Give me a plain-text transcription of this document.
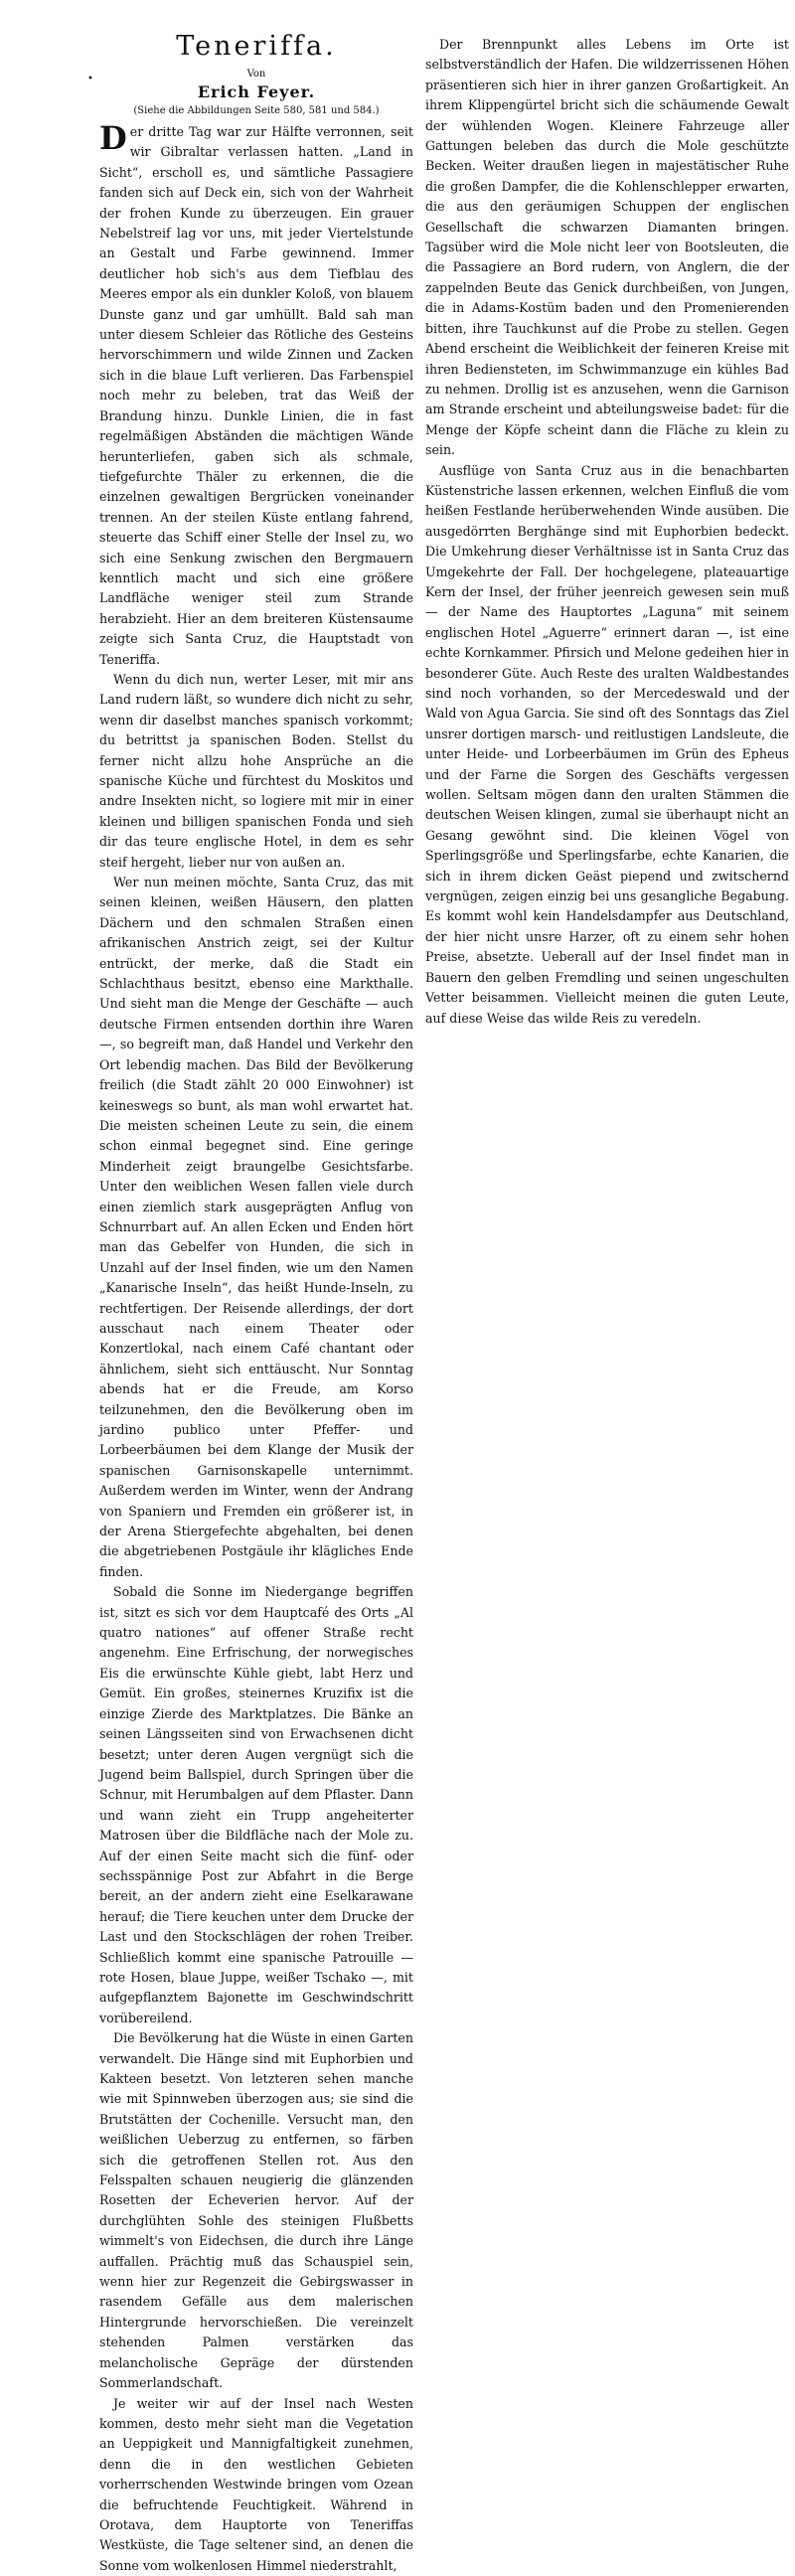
•
Teneriffa.
Von
Erich Feyer.
(Siehe die Abbildungen Seite 580, 581 und 584.)

Der dritte Tag war zur Hälfte verronnen, seit wir Gibraltar verlassen hatten. „Land in Sicht“, erscholl es, und sämtliche Passagiere fanden sich auf Deck ein, sich von der Wahrheit der frohen Kunde zu überzeugen. Ein grauer Nebelstreif lag vor uns, mit jeder Viertelstunde an Gestalt und Farbe gewinnend. Immer deutlicher hob sich's aus dem Tiefblau des Meeres empor als ein dunkler Koloß, von blauem Dunste ganz und gar umhüllt. Bald sah man unter diesem Schleier das Rötliche des Gesteins hervorschimmern und wilde Zinnen und Zacken sich in die blaue Luft verlieren. Das Farbenspiel noch mehr zu beleben, trat das Weiß der Brandung hinzu. Dunkle Linien, die in fast regelmäßigen Abständen die mächtigen Wände herunterliefen, gaben sich als schmale, tiefgefurchte Thäler zu erkennen, die die einzelnen gewaltigen Bergrücken voneinander trennen. An der steilen Küste entlang fahrend, steuerte das Schiff einer Stelle der Insel zu, wo sich eine Senkung zwischen den Bergmauern kenntlich macht und sich eine größere Landfläche weniger steil zum Strande herabzieht. Hier an dem breiteren Küstensaume zeigte sich Santa Cruz, die Hauptstadt von Teneriffa.

Wenn du dich nun, werter Leser, mit mir ans Land rudern läßt, so wundere dich nicht zu sehr, wenn dir daselbst manches spanisch vorkommt; du betrittst ja spanischen Boden. Stellst du ferner nicht allzu hohe Ansprüche an die spanische Küche und fürchtest du Moskitos und andre Insekten nicht, so logiere mit mir in einer kleinen und billigen spanischen Fonda und sieh dir das teure englische Hotel, in dem es sehr steif hergeht, lieber nur von außen an.

Wer nun meinen möchte, Santa Cruz, das mit seinen kleinen, weißen Häusern, den platten Dächern und den schmalen Straßen einen afrikanischen Anstrich zeigt, sei der Kultur entrückt, der merke, daß die Stadt ein Schlachthaus besitzt, ebenso eine Markthalle. Und sieht man die Menge der Geschäfte — auch deutsche Firmen entsenden dorthin ihre Waren —, so begreift man, daß Handel und Verkehr den Ort lebendig machen. Das Bild der Bevölkerung freilich (die Stadt zählt 20 000 Einwohner) ist keineswegs so bunt, als man wohl erwartet hat. Die meisten scheinen Leute zu sein, die einem schon einmal begegnet sind. Eine geringe Minderheit zeigt braungelbe Gesichtsfarbe. Unter den weiblichen Wesen fallen viele durch einen ziemlich stark ausgeprägten Anflug von Schnurrbart auf. An allen Ecken und Enden hört man das Gebelfer von Hunden, die sich in Unzahl auf der Insel finden, wie um den Namen „Kanarische Inseln“, das heißt Hunde-Inseln, zu rechtfertigen. Der Reisende allerdings, der dort ausschaut nach einem Theater oder Konzertlokal, nach einem Café chantant oder ähnlichem, sieht sich enttäuscht. Nur Sonntag abends hat er die Freude, am Korso teilzunehmen, den die Bevölkerung oben im jardino publico unter Pfeffer- und Lorbeerbäumen bei dem Klange der Musik der spanischen Garnisonskapelle unternimmt. Außerdem werden im Winter, wenn der Andrang von Spaniern und Fremden ein größerer ist, in der Arena Stiergefechte abgehalten, bei denen die abgetriebenen Postgäule ihr klägliches Ende finden.

Sobald die Sonne im Niedergange begriffen ist, sitzt es sich vor dem Hauptcafé des Orts „Al quatro nationes“ auf offener Straße recht angenehm. Eine Erfrischung, der norwegisches Eis die erwünschte Kühle giebt, labt Herz und Gemüt. Ein großes, steinernes Kruzifix ist die einzige Zierde des Marktplatzes. Die Bänke an seinen Längsseiten sind von Erwachsenen dicht besetzt; unter deren Augen vergnügt sich die Jugend beim Ballspiel, durch Springen über die Schnur, mit Herumbalgen auf dem Pflaster. Dann und wann zieht ein Trupp angeheiterter Matrosen über die Bildfläche nach der Mole zu. Auf der einen Seite macht sich die fünf- oder sechsspännige Post zur Abfahrt in die Berge bereit, an der andern zieht eine Eselkarawane herauf; die Tiere keuchen unter dem Drucke der Last und den Stockschlägen der rohen Treiber. Schließlich kommt eine spanische Patrouille — rote Hosen, blaue Juppe, weißer Tschako —, mit aufgepflanztem Bajonette im Geschwindschritt vorübereilend.

Die Bevölkerung hat die Wüste in einen Garten verwandelt. Die Hänge sind mit Euphorbien und Kakteen besetzt. Von letzteren sehen manche wie mit Spinnweben überzogen aus; sie sind die Brutstätten der Cochenille. Versucht man, den weißlichen Ueberzug zu entfernen, so färben sich die getroffenen Stellen rot. Aus den Felsspalten schauen neugierig die glänzenden Rosetten der Echeverien hervor. Auf der durchglühten Sohle des steinigen Flußbetts wimmelt's von Eidechsen, die durch ihre Länge auffallen. Prächtig muß das Schauspiel sein, wenn hier zur Regenzeit die Gebirgswasser in rasendem Gefälle aus dem malerischen Hintergrunde hervorschießen. Die vereinzelt stehenden Palmen verstärken das melancholische Gepräge der dürstenden Sommerlandschaft.

Je weiter wir auf der Insel nach Westen kommen, desto mehr sieht man die Vegetation an Ueppigkeit und Mannigfaltigkeit zunehmen, denn die in den westlichen Gebieten vorherrschenden Westwinde bringen vom Ozean die befruchtende Feuchtigkeit. Während in Orotava, dem Hauptorte von Teneriffas Westküste, die Tage seltener sind, an denen die Sonne vom wolkenlosen Himmel niederstrahlt,

Der Brennpunkt alles Lebens im Orte ist selbstverständlich der Hafen. Die wildzerrissenen Höhen präsentieren sich hier in ihrer ganzen Großartigkeit. An ihrem Klippengürtel bricht sich die schäumende Gewalt der wühlenden Wogen. Kleinere Fahrzeuge aller Gattungen beleben das durch die Mole geschützte Becken. Weiter draußen liegen in majestätischer Ruhe die großen Dampfer, die die Kohlenschlepper erwarten, die aus den geräumigen Schuppen der englischen Gesellschaft die schwarzen Diamanten bringen. Tagsüber wird die Mole nicht leer von Bootsleuten, die die Passagiere an Bord rudern, von Anglern, die der zappelnden Beute das Genick durchbeißen, von Jungen, die in Adams-Kostüm baden und den Promenierenden bitten, ihre Tauchkunst auf die Probe zu stellen. Gegen Abend erscheint die Weiblichkeit der feineren Kreise mit ihren Bediensteten, im Schwimmanzuge ein kühles Bad zu nehmen. Drollig ist es anzusehen, wenn die Garnison am Strande erscheint und abteilungsweise badet: für die Menge der Köpfe scheint dann die Fläche zu klein zu sein.

Ausflüge von Santa Cruz aus in die benachbarten Küstenstriche lassen erkennen, welchen Einfluß die vom heißen Festlande herüberwehenden Winde ausüben. Die ausgedörrten Berghänge sind mit Euphorbien bedeckt. Die Umkehrung dieser Verhältnisse ist in Santa Cruz das Umgekehrte der Fall. Der hochgelegene, plateauartige Kern der Insel, der früher jeenreich gewesen sein muß — der Name des Hauptortes „Laguna“ mit seinem englischen Hotel „Aguerre“ erinnert daran —, ist eine echte Kornkammer. Pfirsich und Melone gedeihen hier in besonderer Güte. Auch Reste des uralten Waldbestandes sind noch vorhanden, so der Mercedeswald und der Wald von Agua Garcia. Sie sind oft des Sonntags das Ziel unsrer dortigen marsch- und reitlustigen Landsleute, die unter Heide- und Lorbeerbäumen im Grün des Epheus und der Farne die Sorgen des Geschäfts vergessen wollen. Seltsam mögen dann den uralten Stämmen die deutschen Weisen klingen, zumal sie überhaupt nicht an Gesang gewöhnt sind. Die kleinen Vögel von Sperlingsgröße und Sperlingsfarbe, echte Kanarien, die sich in ihrem dicken Geäst piepend und zwitschernd vergnügen, zeigen einzig bei uns gesangliche Begabung. Es kommt wohl kein Handelsdampfer aus Deutschland, der hier nicht unsre Harzer, oft zu einem sehr hohen Preise, absetzte. Ueberall auf der Insel findet man in Bauern den gelben Fremdling und seinen ungeschulten Vetter beisammen. Vielleicht meinen die guten Leute, auf diese Weise das wilde Reis zu veredeln.
